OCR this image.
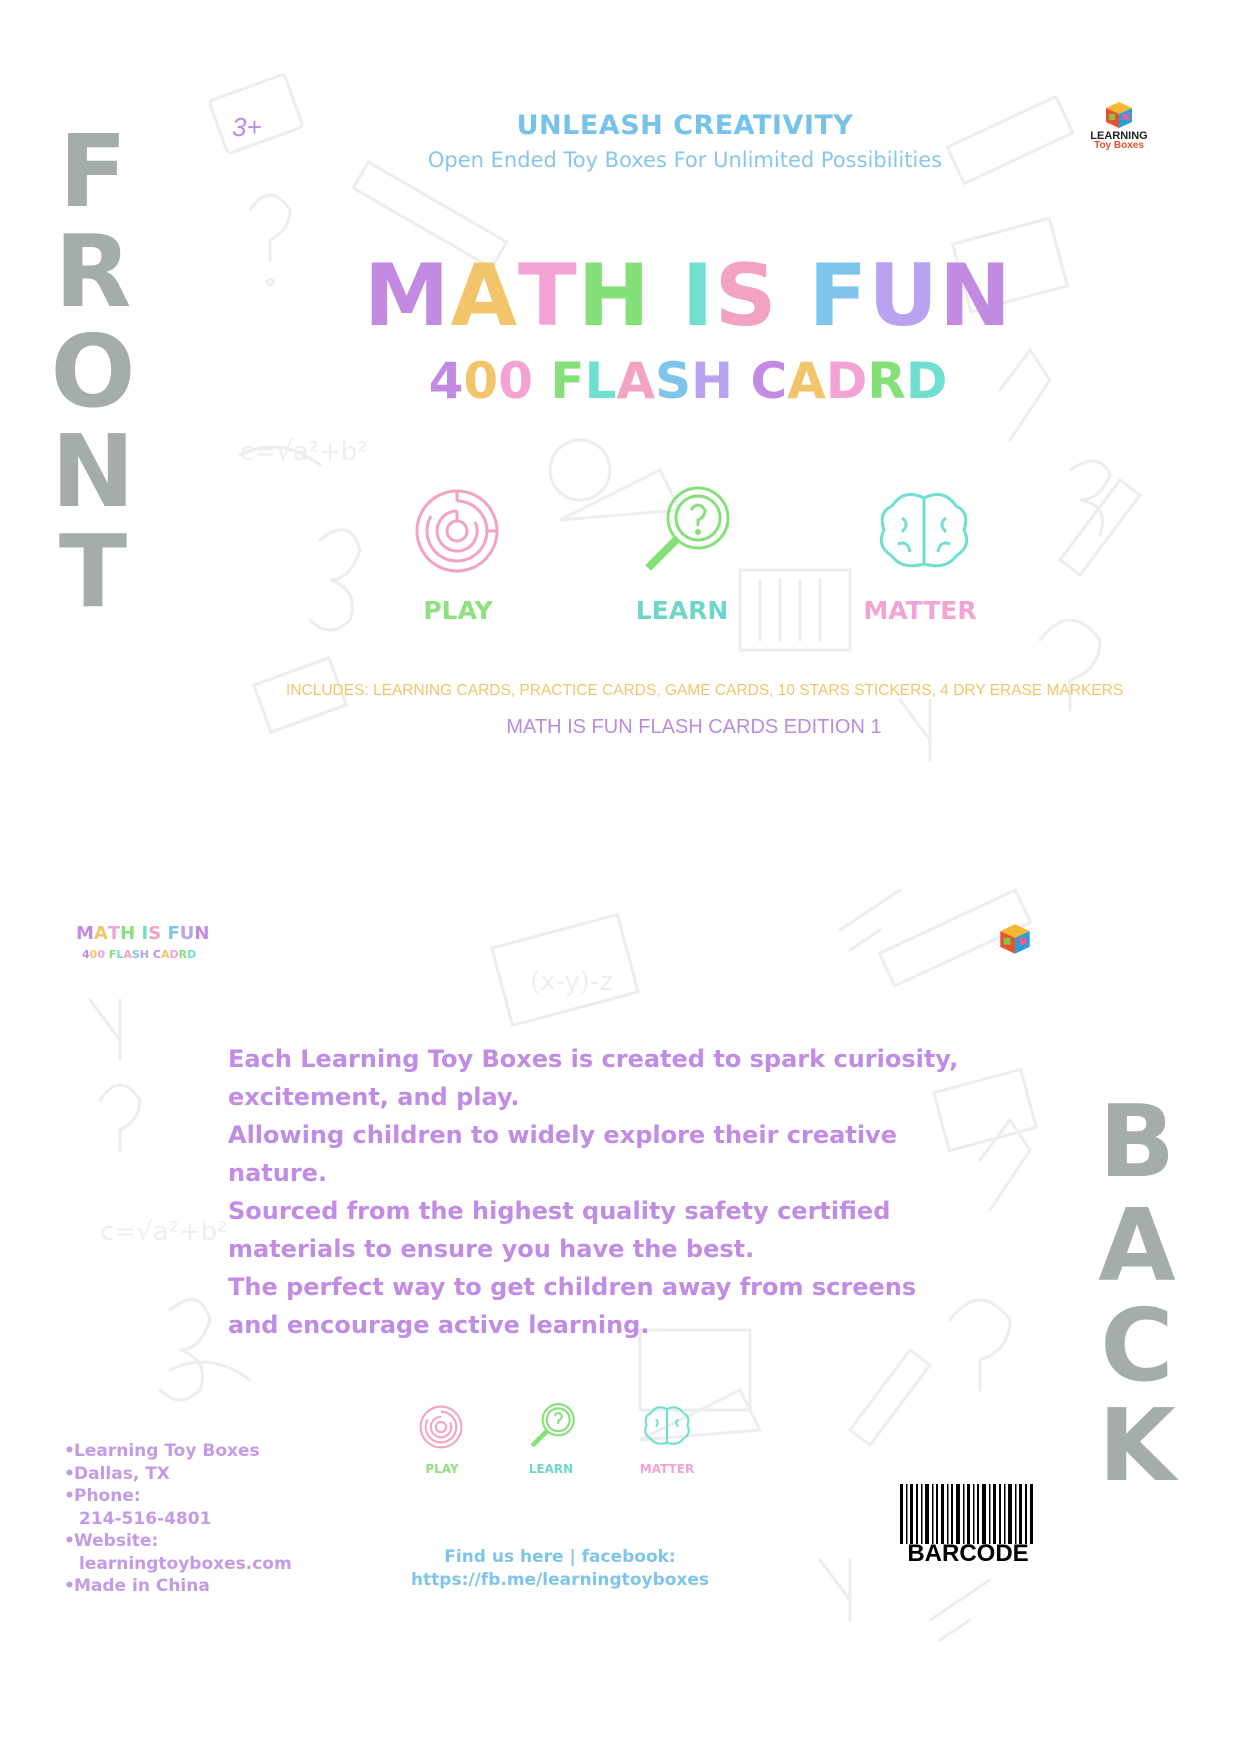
c=√a²+b²
(x-y)-z
c=√a²+b²
F
R
O
N
T
3+	UNLEASH CREATIVITY
Open Ended Toy Boxes For Unlimited Possibilities
LEARNING
Toy Boxes
MATH IS FUN
400 FLASH CADRD
PLAY	LEARN	MATTER
INCLUDES: LEARNING CARDS, PRACTICE CARDS, GAME CARDS, 10 STARS STICKERS, 4 DRY ERASE MARKERS
MATH IS FUN FLASH CARDS EDITION 1
MATH IS FUN
400 FLASH CADRD
Each Learning Toy Boxes is created to spark curiosity,
excitement, and play.
Allowing children to widely explore their creative
nature.
Sourced from the highest quality safety certified
materials to ensure you have the best.
The perfect way to get children away from screens
and encourage active learning.
B
A
C
K
PLAY	LEARN	MATTER
•Learning Toy Boxes
•Dallas, TX
•Phone:
214-516-4801
•Website:
learningtoyboxes.com
•Made in China
Find us here | facebook:
https://fb.me/learningtoyboxes
BARCODE
